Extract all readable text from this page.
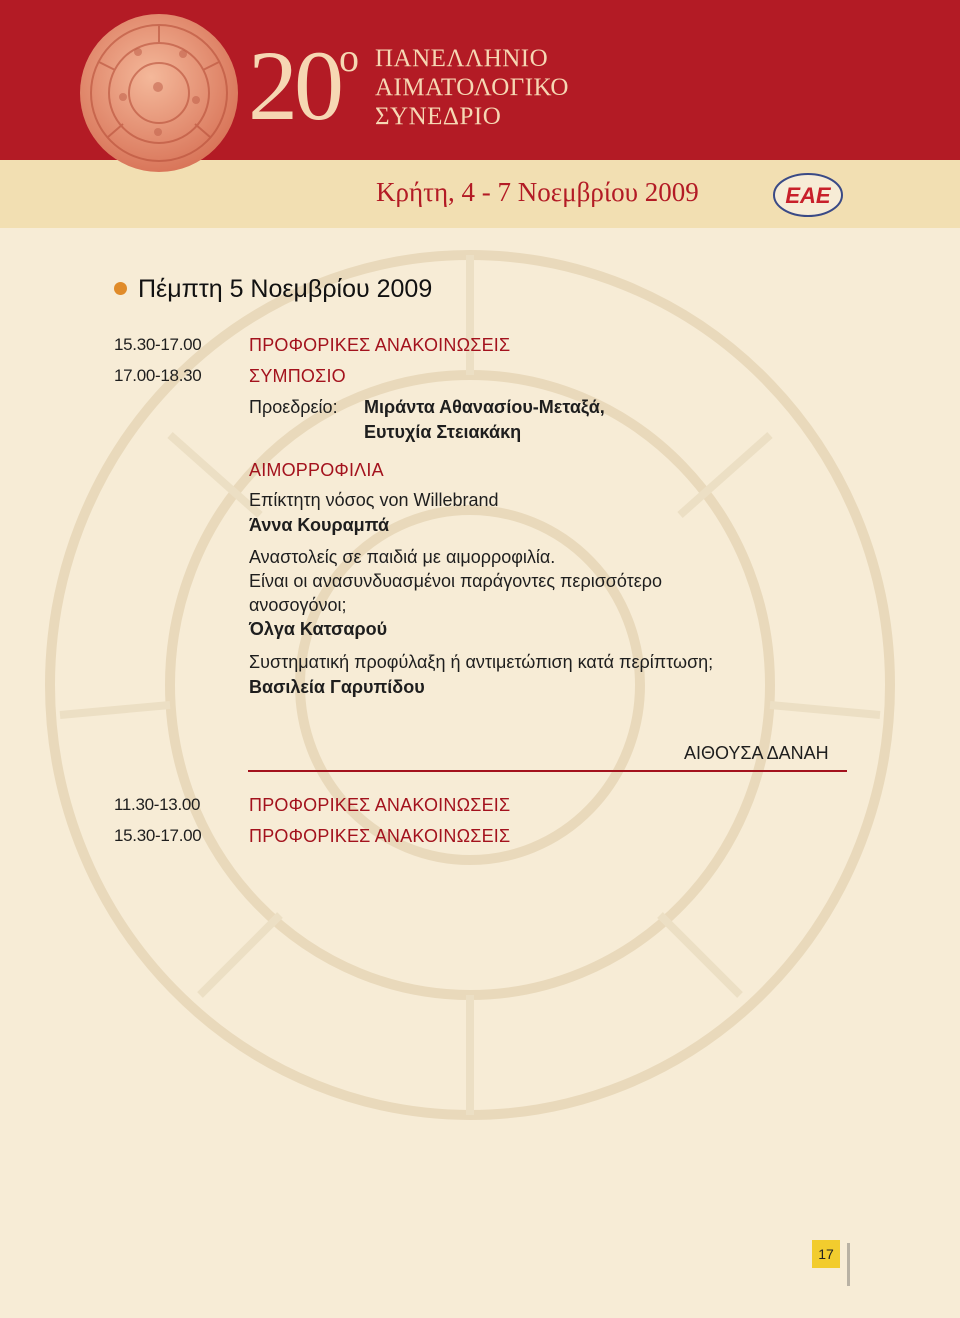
20 ο ΠΑΝΕΛΛΗΝΙΟ
ΑΙΜΑΤΟΛΟΓΙΚΟ
ΣΥΝΕΔΡΙΟ
Κρήτη, 4 - 7 Νοεμβρίου 2009	ΕΑΕ
Πέμπτη 5 Νοεμβρίου 2009
15.30-17.00	ΠΡΟΦΟΡΙΚΕΣ ΑΝΑΚΟΙΝΩΣΕΙΣ
17.00-18.30	ΣΥΜΠΟΣΙΟ
Προεδρείο: Μιράντα Αθανασίου-Μεταξά,
Ευτυχία Στειακάκη
ΑΙΜΟΡΡΟΦΙΛΙΑ
Επίκτητη νόσος von Willebrand
Άννα Κουραμπά
Αναστολείς σε παιδιά με αιμορροφιλία.
Είναι οι ανασυνδυασμένοι παράγοντες περισσότερο
ανοσογόνοι;
Όλγα Κατσαρού
Συστηματική προφύλαξη ή αντιμετώπιση κατά περίπτωση;
Βασιλεία Γαρυπίδου
ΑΙΘΟΥΣΑ ΔΑΝΑΗ
11.30-13.00	ΠΡΟΦΟΡΙΚΕΣ ΑΝΑΚΟΙΝΩΣΕΙΣ
15.30-17.00	ΠΡΟΦΟΡΙΚΕΣ ΑΝΑΚΟΙΝΩΣΕΙΣ
17
